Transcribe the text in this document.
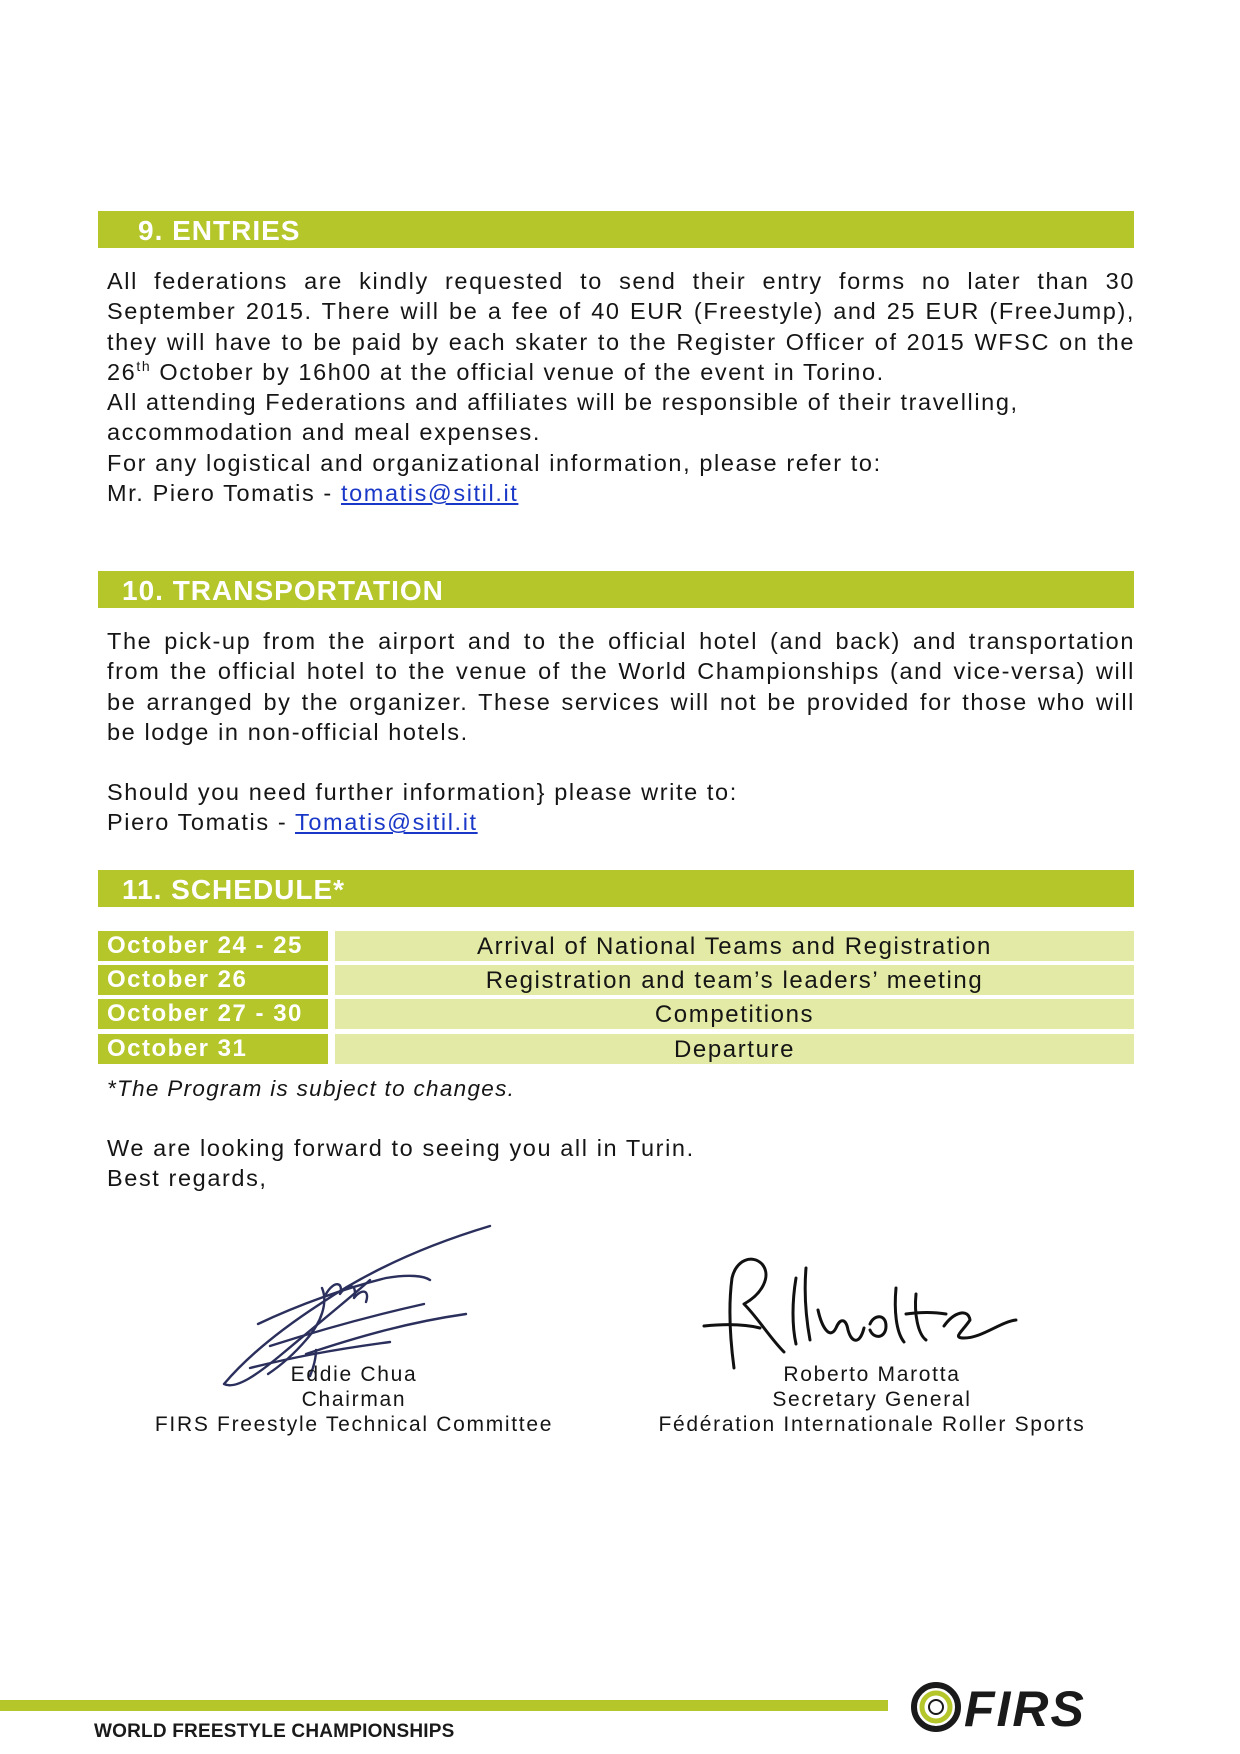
9. ENTRIES

All federations are kindly requested to send their entry forms no later than 30 September 2015. There will be a fee of 40 EUR (Freestyle) and 25 EUR (FreeJump), they will have to be paid by each skater to the Register Officer of 2015 WFSC on the 26th October by 16h00 at the official venue of the event in Torino.

All attending Federations and affiliates will be responsible of their travelling, accommodation and meal expenses.

For any logistical and organizational information, please refer to:

Mr. Piero Tomatis - tomatis@sitil.it

10. TRANSPORTATION

The pick-up from the airport and to the official hotel (and back) and transportation from the official hotel to the venue of the World Championships (and vice-versa) will be arranged by the organizer. These services will not be provided for those who will be lodge in non-official hotels.

Should you need further information} please write to:

Piero Tomatis - Tomatis@sitil.it

11. SCHEDULE*
October 24 - 25	Arrival of National Teams and Registration
October 26	Registration and team’s leaders’ meeting
October 27 - 30	Competitions
October 31	Departure
*The Program is subject to changes.

We are looking forward to seeing you all in Turin.

Best regards,

Eddie Chua
Chairman
FIRS Freestyle Technical Committee
Roberto Marotta
Secretary General
Fédération Internationale Roller Sports
WORLD FREESTYLE CHAMPIONSHIPS	FIRS
